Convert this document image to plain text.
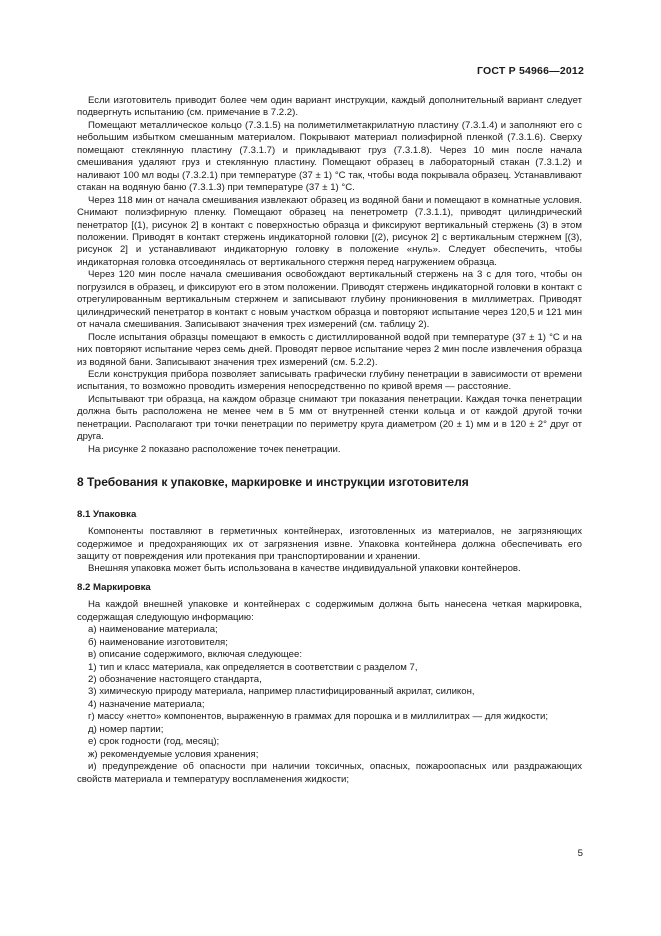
ГОСТ Р 54966—2012

Если изготовитель приводит более чем один вариант инструкции, каждый дополнительный вариант следует подвергнуть испытанию (см. примечание в 7.2.2).

Помещают металлическое кольцо (7.3.1.5) на полиметилметакрилатную пластину (7.3.1.4) и заполняют его с небольшим избытком смешанным материалом. Покрывают материал полиэфирной пленкой (7.3.1.6). Сверху помещают стеклянную пластину (7.3.1.7) и прикладывают груз (7.3.1.8). Через 10 мин после начала смешивания удаляют груз и стеклянную пластину. Помещают образец в лабораторный стакан (7.3.1.2) и наливают 100 мл воды (7.3.2.1) при температуре (37 ± 1) °С так, чтобы вода покрывала образец. Устанавливают стакан на водяную баню (7.3.1.3) при температуре (37 ± 1) °С.

Через 118 мин от начала смешивания извлекают образец из водяной бани и помещают в комнатные условия. Снимают полиэфирную пленку. Помещают образец на пенетрометр (7.3.1.1), приводят цилиндрический пенетратор [(1), рисунок 2] в контакт с поверхностью образца и фиксируют вертикальный стержень (3) в этом положении. Приводят в контакт стержень индикаторной головки [(2), рисунок 2] с вертикальным стержнем [(3), рисунок 2] и устанавливают индикаторную головку в положение «нуль». Следует обеспечить, чтобы индикаторная головка отсоединялась от вертикального стержня перед нагружением образца.

Через 120 мин после начала смешивания освобождают вертикальный стержень на 3 с для того, чтобы он погрузился в образец, и фиксируют его в этом положении. Приводят стержень индикаторной головки в контакт с отрегулированным вертикальным стержнем и записывают глубину проникновения в миллиметрах. Приводят цилиндрический пенетратор в контакт с новым участком образца и повторяют испытание через 120,5 и 121 мин от начала смешивания. Записывают значения трех измерений (см. таблицу 2).

После испытания образцы помещают в емкость с дистиллированной водой при температуре (37 ± 1) °С и на них повторяют испытание через семь дней. Проводят первое испытание через 2 мин после извлечения образца из водяной бани. Записывают значения трех измерений (см. 5.2.2).

Если конструкция прибора позволяет записывать графически глубину пенетрации в зависимости от времени испытания, то возможно проводить измерения непосредственно по кривой время — расстояние.

Испытывают три образца, на каждом образце снимают три показания пенетрации. Каждая точка пенетрации должна быть расположена не менее чем в 5 мм от внутренней стенки кольца и от каждой другой точки пенетрации. Располагают три точки пенетрации по периметру круга диаметром (20 ± 1) мм и в 120 ± 2° друг от друга.

На рисунке 2 показано расположение точек пенетрации.

8 Требования к упаковке, маркировке и инструкции изготовителя
8.1 Упаковка

Компоненты поставляют в герметичных контейнерах, изготовленных из материалов, не загрязняющих содержимое и предохраняющих их от загрязнения извне. Упаковка контейнера должна обеспечивать его защиту от повреждения или протекания при транспортировании и хранении.

Внешняя упаковка может быть использована в качестве индивидуальной упаковки контейнеров.

8.2 Маркировка

На каждой внешней упаковке и контейнерах с содержимым должна быть нанесена четкая маркировка, содержащая следующую информацию:

а) наименование материала;

б) наименование изготовителя;

в) описание содержимого, включая следующее:

1) тип и класс материала, как определяется в соответствии с разделом 7,

2) обозначение настоящего стандарта,

3) химическую природу материала, например пластифицированный акрилат, силикон,

4) назначение материала;

г) массу «нетто» компонентов, выраженную в граммах для порошка и в миллилитрах — для жидкости;

д) номер партии;

е) срок годности (год, месяц);

ж) рекомендуемые условия хранения;

и) предупреждение об опасности при наличии токсичных, опасных, пожароопасных или раздражающих свойств материала и температуру воспламенения жидкости;

5
